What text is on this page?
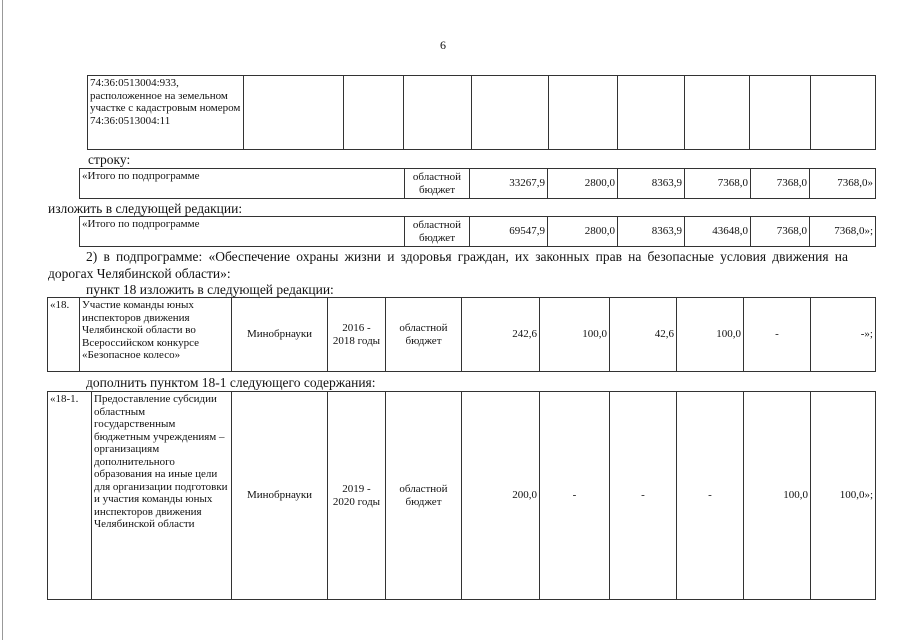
6
74:36:0513004:933, расположенное на земельном участке с кадастровым номером 74:36:0513004:11									
строку:
«Итого по подпрограмме	областной бюджет	33267,9	2800,0	8363,9	7368,0	7368,0	7368,0»
изложить в следующей редакции:
«Итого по подпрограмме	областной бюджет	69547,9	2800,0	8363,9	43648,0	7368,0	7368,0»;
2) в подпрограмме: «Обеспечение охраны жизни и здоровья граждан, их законных прав на безопасные условия движения на дорогах Челябинской области»:
пункт 18 изложить в следующей редакции:
«18.	Участие команды юных инспекторов движения Челябинской области во Всероссийском конкурсе «Безопасное колесо»	Минобрнауки	2016 - 2018 годы	областной бюджет	242,6	100,0	42,6	100,0	-	-»;
дополнить пунктом 18-1 следующего содержания:
«18-1.	Предоставление субсидии областным государственным бюджетным учреждениям – организациям дополнительного образования на иные цели для организации подготовки и участия команды юных инспекторов движения Челябинской области	Минобрнауки	2019 - 2020 годы	областной бюджет	200,0	-	-	-	100,0	100,0»;
